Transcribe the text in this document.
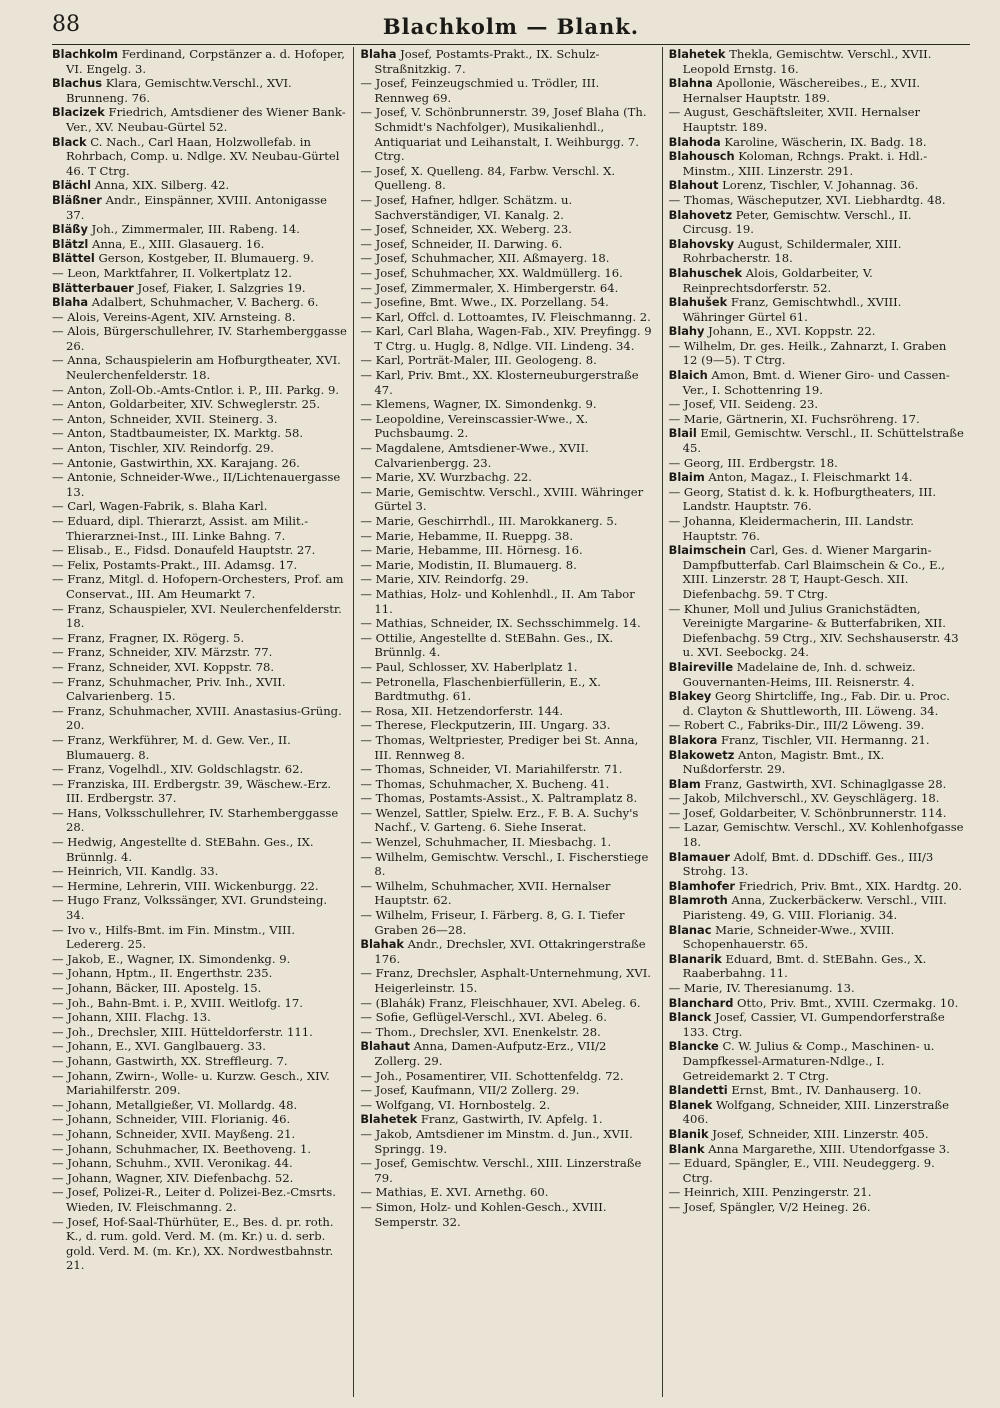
88	Blachkolm — Blank.
Blachkolm Ferdinand, Corpstänzer a. d. Hofoper, VI. Engelg. 3.
Blachus Klara, Gemischtw.Verschl., XVI. Brunneng. 76.
Blacizek Friedrich, Amtsdiener des Wiener Bank-Ver., XV. Neubau-Gürtel 52.
Black C. Nach., Carl Haan, Holzwollefab. in Rohrbach, Comp. u. Ndlge. XV. Neubau-Gürtel 46. T Ctrg.
Blächl Anna, XIX. Silberg. 42.
Bläßner Andr., Einspänner, XVIII. Antonigasse 37.
Bläßy Joh., Zimmermaler, III. Rabeng. 14.
Blätzl Anna, E., XIII. Glasauerg. 16.
Blättel Gerson, Kostgeber, II. Blumauerg. 9.
— Leon, Marktfahrer, II. Volkertplatz 12.
Blätterbauer Josef, Fiaker, I. Salzgries 19.
Blaha Adalbert, Schuhmacher, V. Bacherg. 6.
— Alois, Vereins-Agent, XIV. Arnsteing. 8.
— Alois, Bürgerschullehrer, IV. Starhemberggasse 26.
— Anna, Schauspielerin am Hofburgtheater, XVI. Neulerchenfelderstr. 18.
— Anton, Zoll-Ob.-Amts-Cntlor. i. P., III. Parkg. 9.
— Anton, Goldarbeiter, XIV. Schweglerstr. 25.
— Anton, Schneider, XVII. Steinerg. 3.
— Anton, Stadtbaumeister, IX. Marktg. 58.
— Anton, Tischler, XIV. Reindorfg. 29.
— Antonie, Gastwirthin, XX. Karajang. 26.
— Antonie, Schneider-Wwe., II/Lichtenauergasse 13.
— Carl, Wagen-Fabrik, s. Blaha Karl.
— Eduard, dipl. Thierarzt, Assist. am Milit.-Thierarznei-Inst., III. Linke Bahng. 7.
— Elisab., E., Fidsd. Donaufeld Hauptstr. 27.
— Felix, Postamts-Prakt., III. Adamsg. 17.
— Franz, Mitgl. d. Hofopern-Orchesters, Prof. am Conservat., III. Am Heumarkt 7.
— Franz, Schauspieler, XVI. Neulerchenfelderstr. 18.
— Franz, Fragner, IX. Rögerg. 5.
— Franz, Schneider, XIV. Märzstr. 77.
— Franz, Schneider, XVI. Koppstr. 78.
— Franz, Schuhmacher, Priv. Inh., XVII. Calvarienberg. 15.
— Franz, Schuhmacher, XVIII. Anastasius-Grüng. 20.
— Franz, Werkführer, M. d. Gew. Ver., II. Blumauerg. 8.
— Franz, Vogelhdl., XIV. Goldschlagstr. 62.
— Franziska, III. Erdbergstr. 39, Wäschew.-Erz. III. Erdbergstr. 37.
— Hans, Volksschullehrer, IV. Starhemberggasse 28.
— Hedwig, Angestellte d. StEBahn. Ges., IX. Brünnlg. 4.
— Heinrich, VII. Kandlg. 33.
— Hermine, Lehrerin, VIII. Wickenburgg. 22.
— Hugo Franz, Volkssänger, XVI. Grundsteing. 34.
— Ivo v., Hilfs-Bmt. im Fin. Minstm., VIII. Ledererg. 25.
— Jakob, E., Wagner, IX. Simondenkg. 9.
— Johann, Hptm., II. Engerthstr. 235.
— Johann, Bäcker, III. Apostelg. 15.
— Joh., Bahn-Bmt. i. P., XVIII. Weitlofg. 17.
— Johann, XIII. Flachg. 13.
— Joh., Drechsler, XIII. Hütteldorferstr. 111.
— Johann, E., XVI. Ganglbauerg. 33.
— Johann, Gastwirth, XX. Streffleurg. 7.
— Johann, Zwirn-, Wolle- u. Kurzw. Gesch., XIV. Mariahilferstr. 209.
— Johann, Metallgießer, VI. Mollardg. 48.
— Johann, Schneider, VIII. Florianig. 46.
— Johann, Schneider, XVII. Mayßeng. 21.
— Johann, Schuhmacher, IX. Beethoveng. 1.
— Johann, Schuhm., XVII. Veronikag. 44.
— Johann, Wagner, XIV. Diefenbachg. 52.
— Josef, Polizei-R., Leiter d. Polizei-Bez.-Cmsrts. Wieden, IV. Fleischmanng. 2.
— Josef, Hof-Saal-Thürhüter, E., Bes. d. pr. roth. K., d. rum. gold. Verd. M. (m. Kr.) u. d. serb. gold. Verd. M. (m. Kr.), XX. Nordwestbahnstr. 21.
Blaha Josef, Postamts-Prakt., IX. Schulz-Straßnitzkig. 7.
— Josef, Feinzeugschmied u. Trödler, III. Rennweg 69.
— Josef, V. Schönbrunnerstr. 39, Josef Blaha (Th. Schmidt's Nachfolger), Musikalienhdl., Antiquariat und Leihanstalt, I. Weihburgg. 7. Ctrg.
— Josef, X. Quelleng. 84, Farbw. Verschl. X. Quelleng. 8.
— Josef, Hafner, hdlger. Schätzm. u. Sachverständiger, VI. Kanalg. 2.
— Josef, Schneider, XX. Weberg. 23.
— Josef, Schneider, II. Darwing. 6.
— Josef, Schuhmacher, XII. Aßmayerg. 18.
— Josef, Schuhmacher, XX. Waldmüllerg. 16.
— Josef, Zimmermaler, X. Himbergerstr. 64.
— Josefine, Bmt. Wwe., IX. Porzellang. 54.
— Karl, Offcl. d. Lottoamtes, IV. Fleischmanng. 2.
— Karl, Carl Blaha, Wagen-Fab., XIV. Preyfingg. 9 T Ctrg. u. Huglg. 8, Ndlge. VII. Lindeng. 34.
— Karl, Porträt-Maler, III. Geologeng. 8.
— Karl, Priv. Bmt., XX. Klosterneuburgerstraße 47.
— Klemens, Wagner, IX. Simondenkg. 9.
— Leopoldine, Vereinscassier-Wwe., X. Puchsbaumg. 2.
— Magdalene, Amtsdiener-Wwe., XVII. Calvarienbergg. 23.
— Marie, XV. Wurzbachg. 22.
— Marie, Gemischtw. Verschl., XVIII. Währinger Gürtel 3.
— Marie, Geschirrhdl., III. Marokkanerg. 5.
— Marie, Hebamme, II. Rueppg. 38.
— Marie, Hebamme, III. Hörnesg. 16.
— Marie, Modistin, II. Blumauerg. 8.
— Marie, XIV. Reindorfg. 29.
— Mathias, Holz- und Kohlenhdl., II. Am Tabor 11.
— Mathias, Schneider, IX. Sechsschimmelg. 14.
— Ottilie, Angestellte d. StEBahn. Ges., IX. Brünnlg. 4.
— Paul, Schlosser, XV. Haberlplatz 1.
— Petronella, Flaschenbierfüllerin, E., X. Bardtmuthg. 61.
— Rosa, XII. Hetzendorferstr. 144.
— Therese, Fleckputzerin, III. Ungarg. 33.
— Thomas, Weltpriester, Prediger bei St. Anna, III. Rennweg 8.
— Thomas, Schneider, VI. Mariahilferstr. 71.
— Thomas, Schuhmacher, X. Bucheng. 41.
— Thomas, Postamts-Assist., X. Paltramplatz 8.
— Wenzel, Sattler, Spielw. Erz., F. B. A. Suchy's Nachf., V. Garteng. 6. Siehe Inserat.
— Wenzel, Schuhmacher, II. Miesbachg. 1.
— Wilhelm, Gemischtw. Verschl., I. Fischerstiege 8.
— Wilhelm, Schuhmacher, XVII. Hernalser Hauptstr. 62.
— Wilhelm, Friseur, I. Färberg. 8, G. I. Tiefer Graben 26—28.
Blahak Andr., Drechsler, XVI. Ottakringerstraße 176.
— Franz, Drechsler, Asphalt-Unternehmung, XVI. Heigerleinstr. 15.
— (Blahák) Franz, Fleischhauer, XVI. Abeleg. 6.
— Sofie, Geflügel-Verschl., XVI. Abeleg. 6.
— Thom., Drechsler, XVI. Enenkelstr. 28.
Blahaut Anna, Damen-Aufputz-Erz., VII/2 Zollerg. 29.
— Joh., Posamentirer, VII. Schottenfeldg. 72.
— Josef, Kaufmann, VII/2 Zollerg. 29.
— Wolfgang, VI. Hornbostelg. 2.
Blahetek Franz, Gastwirth, IV. Apfelg. 1.
— Jakob, Amtsdiener im Minstm. d. Jun., XVII. Springg. 19.
— Josef, Gemischtw. Verschl., XIII. Linzerstraße 79.
— Mathias, E. XVI. Arnethg. 60.
— Simon, Holz- und Kohlen-Gesch., XVIII. Semperstr. 32.
Blahetek Thekla, Gemischtw. Verschl., XVII. Leopold Ernstg. 16.
Blahna Apollonie, Wäschereibes., E., XVII. Hernalser Hauptstr. 189.
— August, Geschäftsleiter, XVII. Hernalser Hauptstr. 189.
Blahoda Karoline, Wäscherin, IX. Badg. 18.
Blahousch Koloman, Rchngs. Prakt. i. Hdl.-Minstm., XIII. Linzerstr. 291.
Blahout Lorenz, Tischler, V. Johannag. 36.
— Thomas, Wäscheputzer, XVI. Liebhardtg. 48.
Blahovetz Peter, Gemischtw. Verschl., II. Circusg. 19.
Blahovsky August, Schildermaler, XIII. Rohrbacherstr. 18.
Blahuschek Alois, Goldarbeiter, V. Reinprechtsdorferstr. 52.
Blahušek Franz, Gemischtwhdl., XVIII. Währinger Gürtel 61.
Blahy Johann, E., XVI. Koppstr. 22.
— Wilhelm, Dr. ges. Heilk., Zahnarzt, I. Graben 12 (9—5). T Ctrg.
Blaich Amon, Bmt. d. Wiener Giro- und Cassen-Ver., I. Schottenring 19.
— Josef, VII. Seideng. 23.
— Marie, Gärtnerin, XI. Fuchsröhreng. 17.
Blail Emil, Gemischtw. Verschl., II. Schüttelstraße 45.
— Georg, III. Erdbergstr. 18.
Blaim Anton, Magaz., I. Fleischmarkt 14.
— Georg, Statist d. k. k. Hofburgtheaters, III. Landstr. Hauptstr. 76.
— Johanna, Kleidermacherin, III. Landstr. Hauptstr. 76.
Blaimschein Carl, Ges. d. Wiener Margarin-Dampfbutterfab. Carl Blaimschein & Co., E., XIII. Linzerstr. 28 T, Haupt-Gesch. XII. Diefenbachg. 59. T Ctrg.
— Khuner, Moll und Julius Granichstädten, Vereinigte Margarine- & Butterfabriken, XII. Diefenbachg. 59 Ctrg., XIV. Sechshauserstr. 43 u. XVI. Seebockg. 24.
Blaireville Madelaine de, Inh. d. schweiz. Gouvernanten-Heims, III. Reisnerstr. 4.
Blakey Georg Shirtcliffe, Ing., Fab. Dir. u. Proc. d. Clayton & Shuttleworth, III. Löweng. 34.
— Robert C., Fabriks-Dir., III/2 Löweng. 39.
Blakora Franz, Tischler, VII. Hermanng. 21.
Blakowetz Anton, Magistr. Bmt., IX. Nußdorferstr. 29.
Blam Franz, Gastwirth, XVI. Schinaglgasse 28.
— Jakob, Milchverschl., XV. Geyschlägerg. 18.
— Josef, Goldarbeiter, V. Schönbrunnerstr. 114.
— Lazar, Gemischtw. Verschl., XV. Kohlenhofgasse 18.
Blamauer Adolf, Bmt. d. DDschiff. Ges., III/3 Strohg. 13.
Blamhofer Friedrich, Priv. Bmt., XIX. Hardtg. 20.
Blamroth Anna, Zuckerbäckerw. Verschl., VIII. Piaristeng. 49, G. VIII. Florianig. 34.
Blanac Marie, Schneider-Wwe., XVIII. Schopenhauerstr. 65.
Blanarik Eduard, Bmt. d. StEBahn. Ges., X. Raaberbahng. 11.
— Marie, IV. Theresianumg. 13.
Blanchard Otto, Priv. Bmt., XVIII. Czermakg. 10.
Blanck Josef, Cassier, VI. Gumpendorferstraße 133. Ctrg.
Blancke C. W. Julius & Comp., Maschinen- u. Dampfkessel-Armaturen-Ndlge., I. Getreidemarkt 2. T Ctrg.
Blandetti Ernst, Bmt., IV. Danhauserg. 10.
Blanek Wolfgang, Schneider, XIII. Linzerstraße 406.
Blanik Josef, Schneider, XIII. Linzerstr. 405.
Blank Anna Margarethe, XIII. Utendorfgasse 3.
— Eduard, Spängler, E., VIII. Neudeggerg. 9. Ctrg.
— Heinrich, XIII. Penzingerstr. 21.
— Josef, Spängler, V/2 Heineg. 26.
